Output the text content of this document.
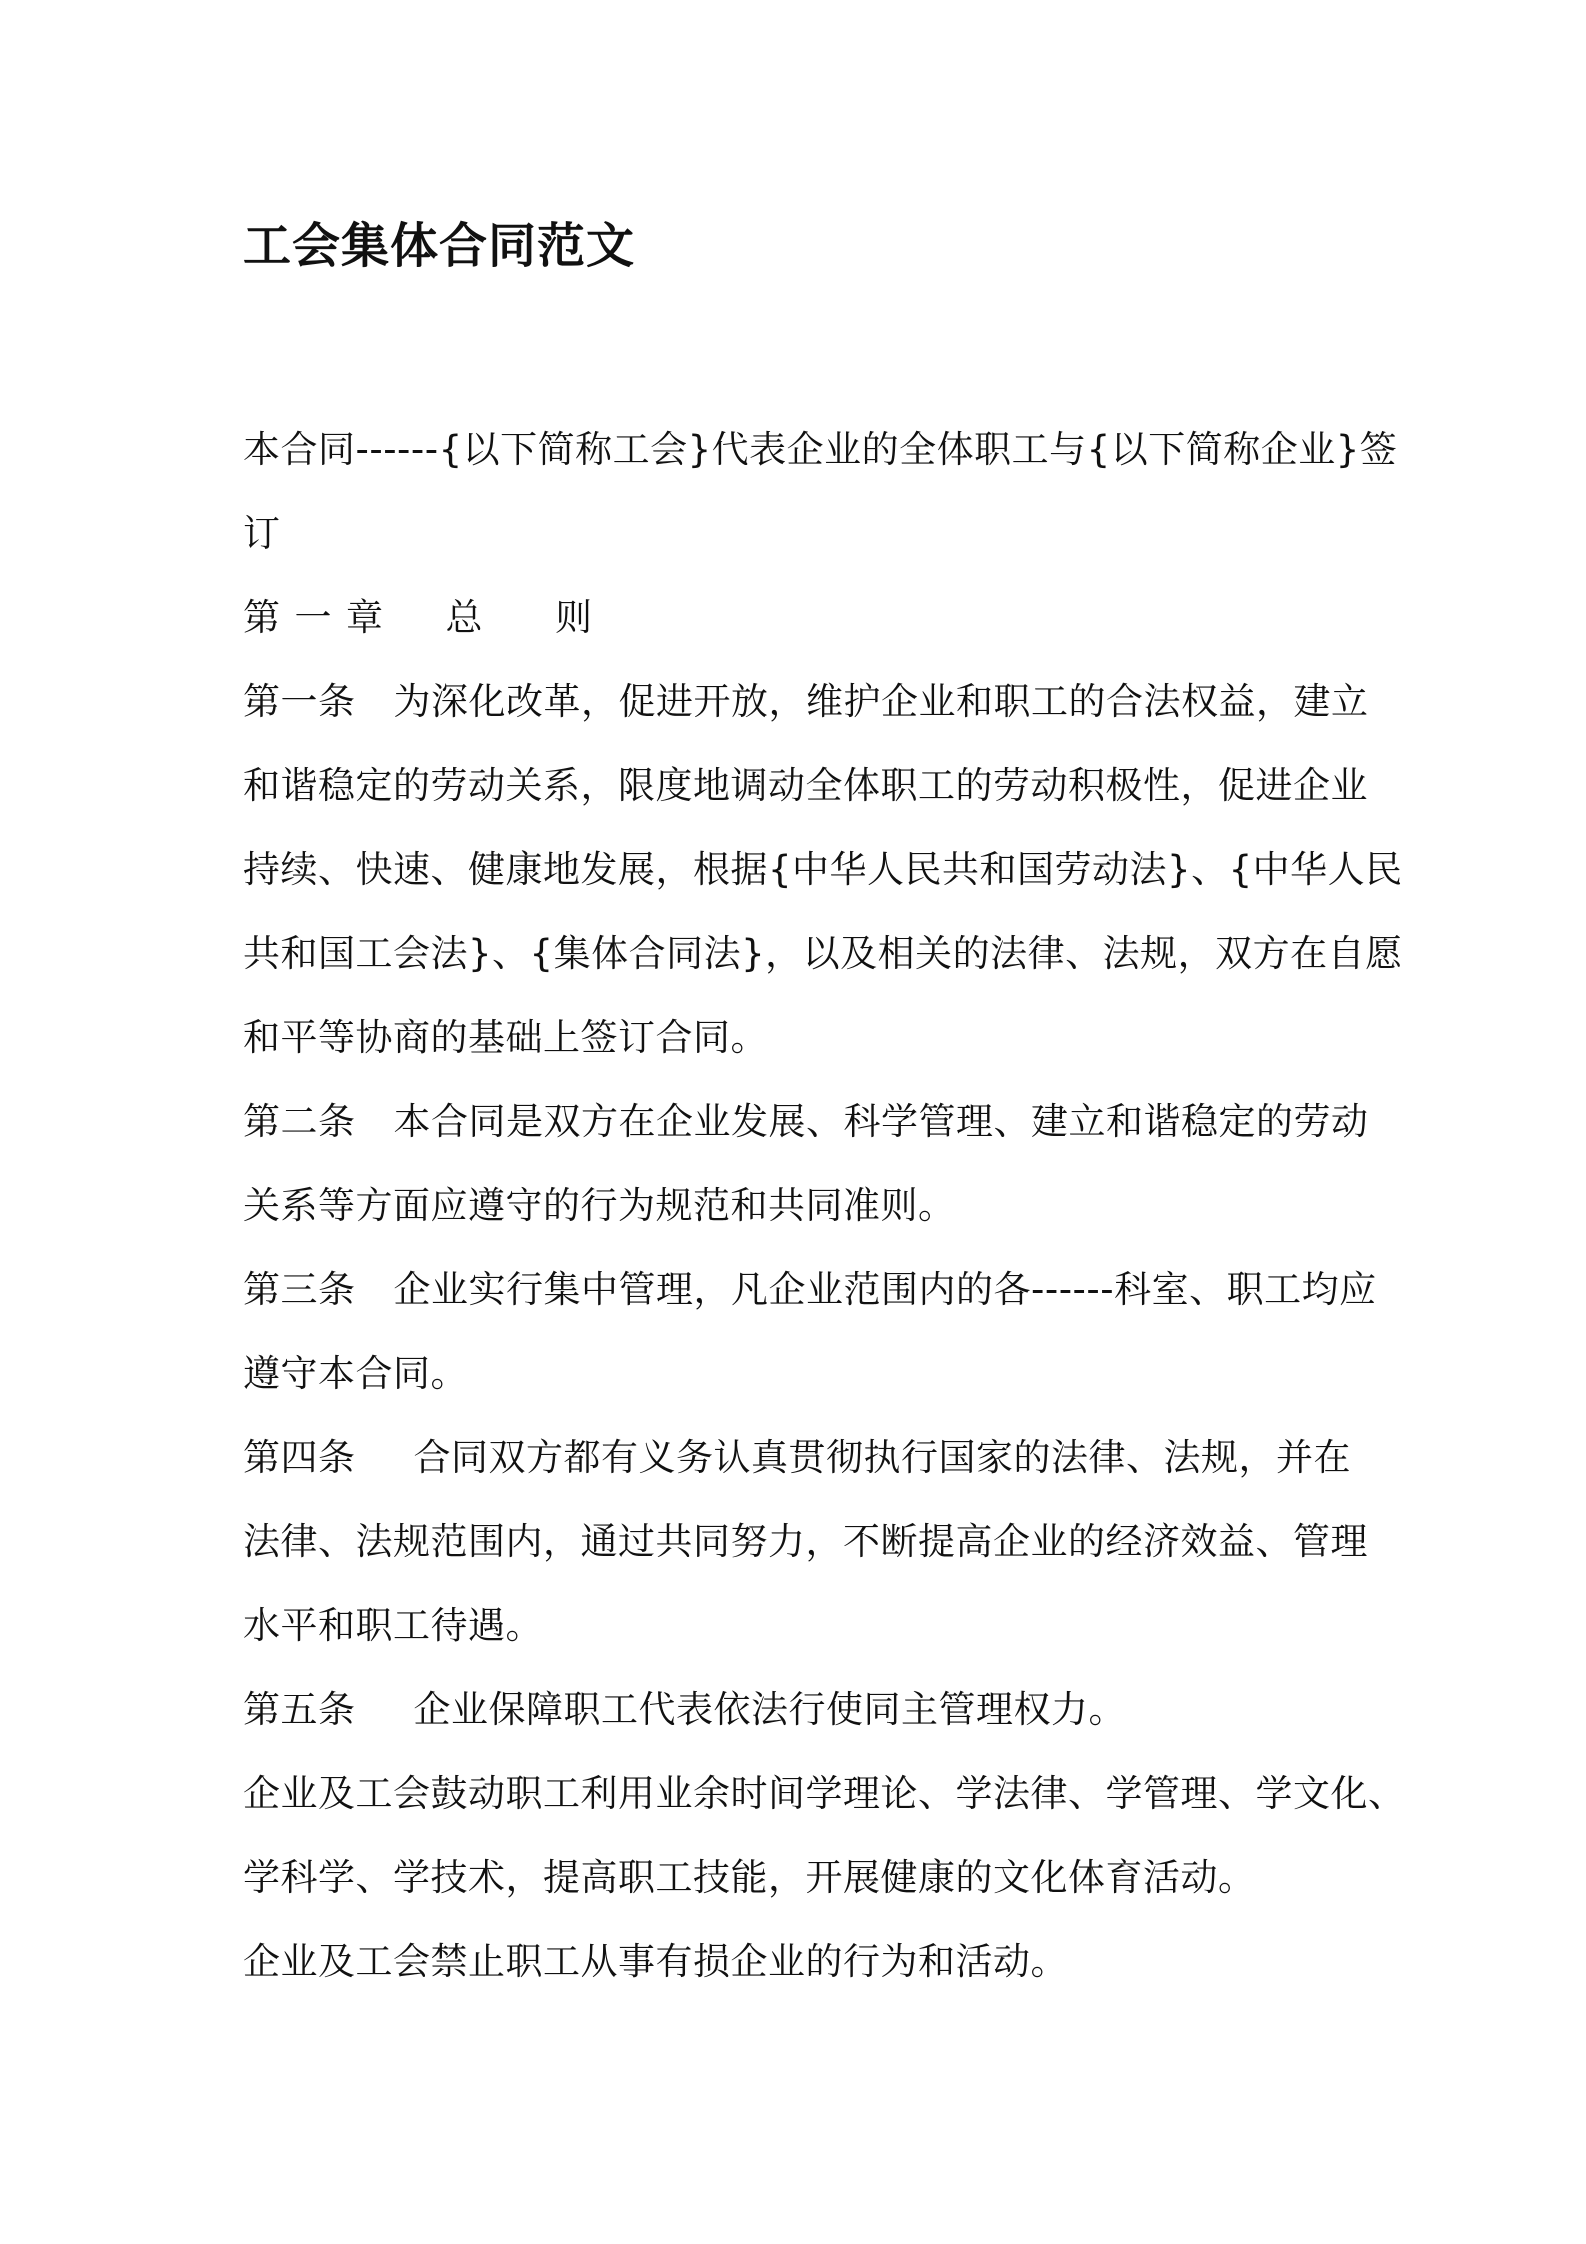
工会集体合同范文

本合同------{以下简称工会}代表企业的全体职工与{以下简称企业}签

订

第 一 章 总 则

第一条 为深化改革，促进开放，维护企业和职工的合法权益，建立

和谐稳定的劳动关系，限度地调动全体职工的劳动积极性，促进企业

持续、快速、健康地发展，根据{中华人民共和国劳动法}、{中华人民

共和国工会法}、{集体合同法}，以及相关的法律、法规，双方在自愿

和平等协商的基础上签订合同。

第二条 本合同是双方在企业发展、科学管理、建立和谐稳定的劳动

关系等方面应遵守的行为规范和共同准则。

第三条 企业实行集中管理，凡企业范围内的各------科室、职工均应

遵守本合同。

第四条 合同双方都有义务认真贯彻执行国家的法律、法规，并在

法律、法规范围内，通过共同努力，不断提高企业的经济效益、管理

水平和职工待遇。

第五条 企业保障职工代表依法行使同主管理权力。

企业及工会鼓动职工利用业余时间学理论、学法律、学管理、学文化、

学科学、学技术，提高职工技能，开展健康的文化体育活动。

企业及工会禁止职工从事有损企业的行为和活动。
